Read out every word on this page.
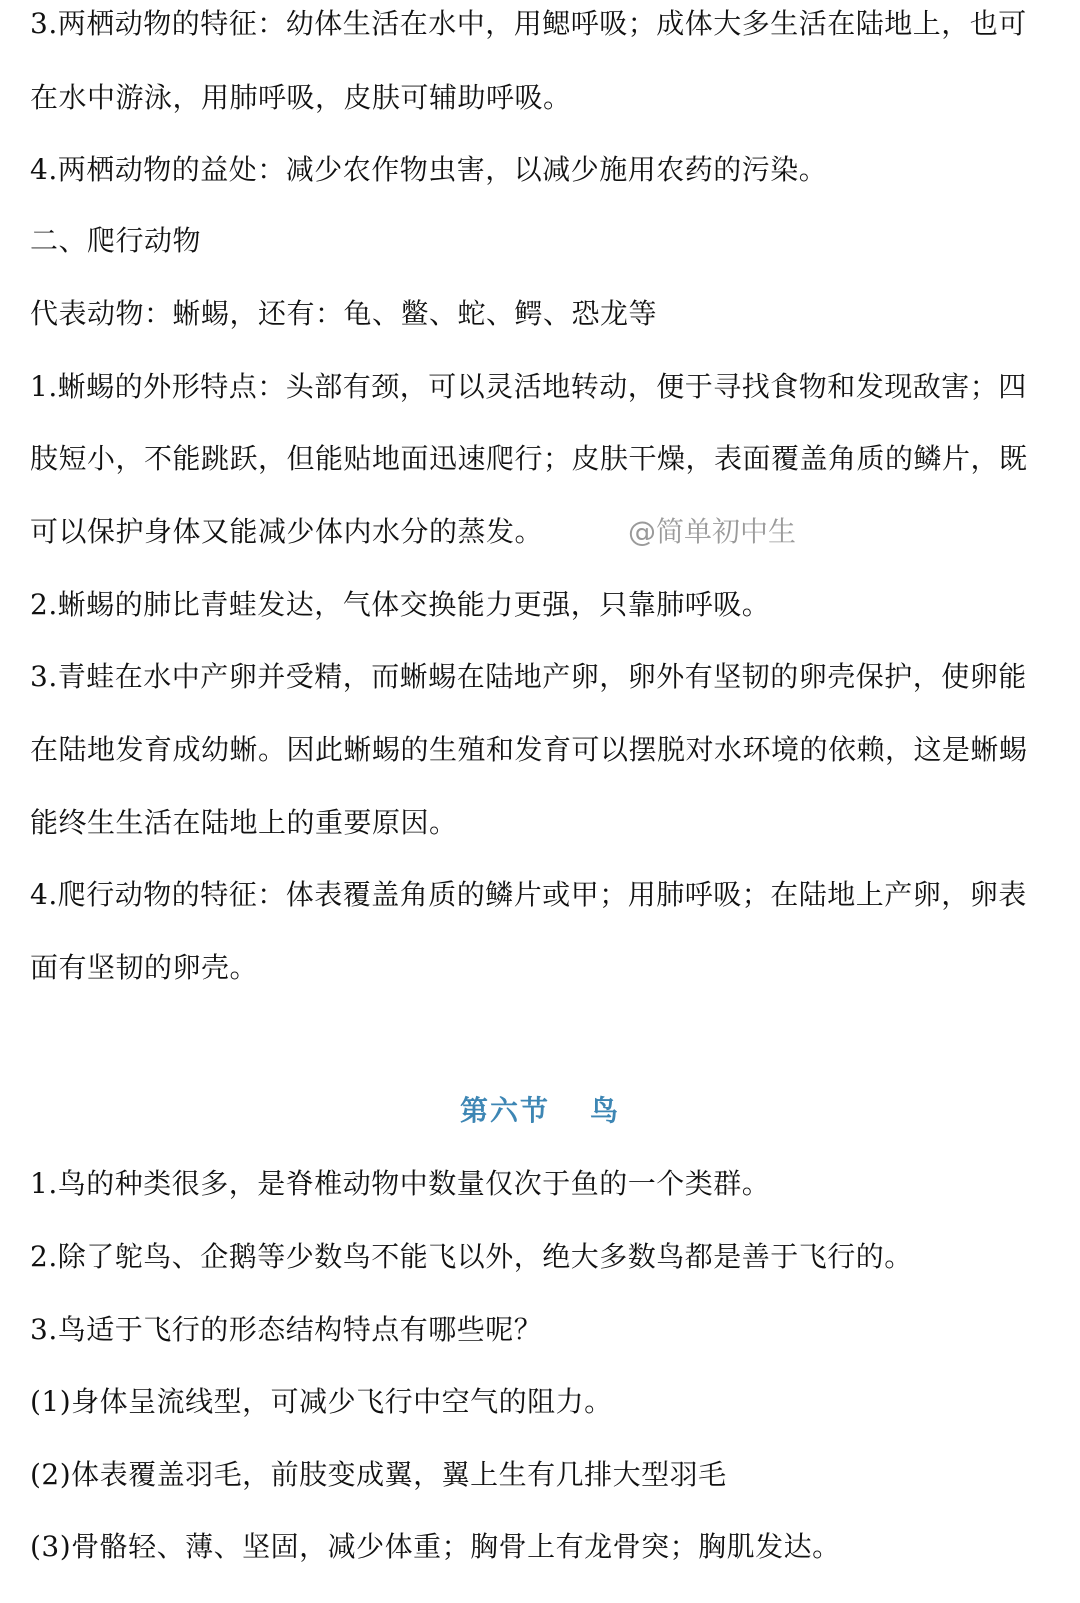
3.两栖动物的特征：幼体生活在水中，用鳃呼吸；成体大多生活在陆地上，也可
在水中游泳，用肺呼吸，皮肤可辅助呼吸。
4.两栖动物的益处：减少农作物虫害，以减少施用农药的污染。
二、爬行动物
代表动物：蜥蜴，还有：龟、鳖、蛇、鳄、恐龙等
1.蜥蜴的外形特点：头部有颈，可以灵活地转动，便于寻找食物和发现敌害；四
肢短小，不能跳跃，但能贴地面迅速爬行；皮肤干燥，表面覆盖角质的鳞片，既
可以保护身体又能减少体内水分的蒸发。	@简单初中生
2.蜥蜴的肺比青蛙发达，气体交换能力更强，只靠肺呼吸。
3.青蛙在水中产卵并受精，而蜥蜴在陆地产卵，卵外有坚韧的卵壳保护，使卵能
在陆地发育成幼蜥。因此蜥蜴的生殖和发育可以摆脱对水环境的依赖，这是蜥蜴
能终生生活在陆地上的重要原因。
4.爬行动物的特征：体表覆盖角质的鳞片或甲；用肺呼吸；在陆地上产卵，卵表
面有坚韧的卵壳。
第六节 鸟
1.鸟的种类很多，是脊椎动物中数量仅次于鱼的一个类群。
2.除了鸵鸟、企鹅等少数鸟不能飞以外，绝大多数鸟都是善于飞行的。
3.鸟适于飞行的形态结构特点有哪些呢？
(1)身体呈流线型，可减少飞行中空气的阻力。
(2)体表覆盖羽毛，前肢变成翼，翼上生有几排大型羽毛
(3)骨骼轻、薄、坚固，减少体重；胸骨上有龙骨突；胸肌发达。
